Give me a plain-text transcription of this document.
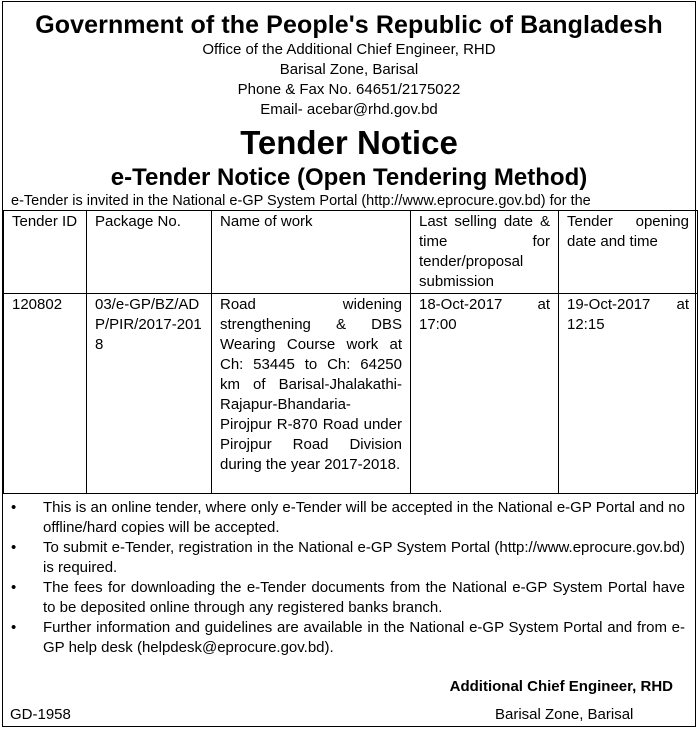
Government of the People's Republic of Bangladesh
Office of the Additional Chief Engineer, RHD
Barisal Zone, Barisal
Phone & Fax No. 64651/2175022
Email- acebar@rhd.gov.bd
Tender Notice
e-Tender Notice (Open Tendering Method)
e-Tender is invited in the National e-GP System Portal (http://www.eprocure.gov.bd) for the
Tender ID	Package No.	Name of work	Last selling date & time for tender/proposal submission	Tender opening date and time
120802	03/e-GP/BZ/ADP/PIR/2017-2018	Road widening strengthening & DBS Wearing Course work at Ch: 53445 to Ch: 64250 km of Barisal-Jhalakathi-Rajapur-Bhandaria-Pirojpur R-870 Road under Pirojpur Road Division during the year 2017-2018.	18-Oct-2017 at 17:00	19-Oct-2017 at 12:15
• This is an online tender, where only e-Tender will be accepted in the National e-GP Portal and no offline/hard copies will be accepted.
• To submit e-Tender, registration in the National e-GP System Portal (http://www.eprocure.gov.bd) is required.
• The fees for downloading the e-Tender documents from the National e-GP System Portal have to be deposited online through any registered banks branch.
• Further information and guidelines are available in the National e-GP System Portal and from e-GP help desk (helpdesk@eprocure.gov.bd).
Additional Chief Engineer, RHD
GD-1958	Barisal Zone, Barisal
